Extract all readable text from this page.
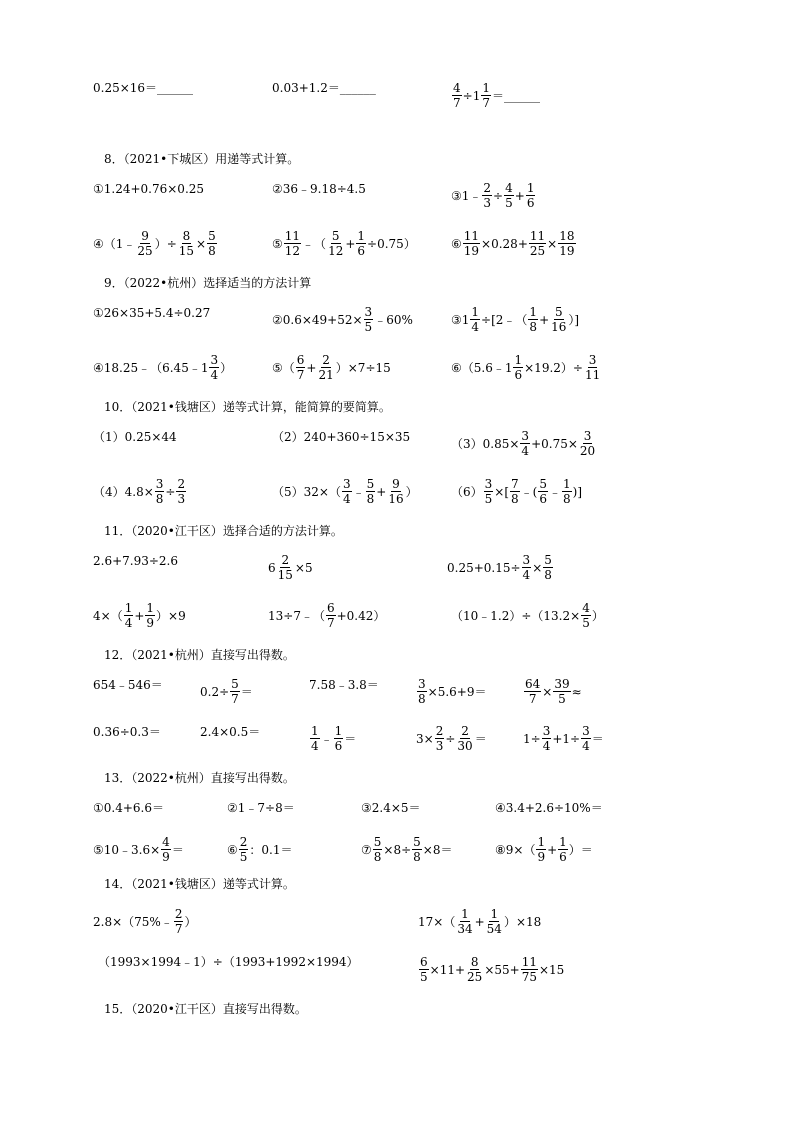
0.25×16＝______	0.03+1.2＝______	$\frac{4}{7} \div 1 \frac{1}{7}$ ＝______
8．（2021•下城区）用递等式计算。
①1.24+0.76×0.25	②36﹣9.18÷4.5	③1﹣ $\frac{2}{3} \div \frac{4}{5} + \frac{1}{6}$
④（1﹣ $\frac{9}{25}$ ）÷ $\frac{8}{15} \times \frac{5}{8}$	⑤ $\frac{11}{12}$ ﹣（ $\frac{5}{12} + \frac{1}{6} \div 0.75$）	⑥ $\frac{11}{19} \times 0.28+ \frac{11}{25} \times \frac{18}{19}$
9．（2022•杭州）选择适当的方法计算
①26×35+5.4÷0.27	②0.6×49+52× $\frac{3}{5}$ ﹣60%	③1 $\frac{1}{4}$ ÷[2﹣（ $\frac{1}{8} + \frac{5}{16}$ ）]
④18.25﹣（6.45﹣1 $\frac{3}{4}$ ）	⑤（ $\frac{6}{7} + \frac{2}{21} )\times 7\div 15$	⑥（5.6﹣1 $\frac{1}{6} \times 19.2)\div \frac{3}{11}$
10．（2021•钱塘区）递等式计算，能简算的要简算。
（1）0.25×44	（2）240+360÷15×35	$(3)0.85\times \frac{3}{4} +0.75\times \frac{3}{20}$
$(4)4.8\times \frac{3}{8} \div \frac{2}{3}$	$(5)32\times( \frac{3}{4}$ ﹣ $\frac{5}{8} + \frac{9}{16}$ ）	$(6) \frac{3}{5}$ ×[ $\frac{7}{8}$ ﹣( $\frac{5}{6}$ ﹣ $\frac{1}{8}$ )]
11．（2020•江干区）选择合适的方法计算。
2.6+7.93÷2.6	$6 \frac{2}{15} \times 5$	$0.25+0.15\div \frac{3}{4} \times \frac{5}{8}$
$4\times( \frac{1}{4} + \frac{1}{9} )\times 9$	13÷7﹣（ $\frac{6}{7} +0.42$）	（10﹣1.2）÷（13.2× $\frac{4}{5}$ ）
12．（2021•杭州）直接写出得数。
654﹣546＝	$0.2\div \frac{5}{7}$ ＝	7.58﹣3.8＝	$\frac{3}{8} \times 5.6+9=$	$\frac{64}{7} \times \frac{39}{5}$ ≈
0.36÷0.3＝	2.4×0.5＝	$\frac{1}{4}$ ﹣ $\frac{1}{6}$ ＝	$3\times \frac{2}{3} \div \frac{2}{30}$ ＝	$1\div \frac{3}{4} +1\div \frac{3}{4}$ ＝
13．（2022•杭州）直接写出得数。
①0.4+6.6＝	②1﹣7÷8＝	③2.4×5＝	④3.4+2.6÷10%＝
⑤10﹣3.6× $\frac{4}{9}$ ＝	⑥ $\frac{2}{5}$ ：0.1＝	⑦ $\frac{5}{8} \times 8\div \frac{5}{8} \times 8=$	⑧9×（ $\frac{1}{9} + \frac{1}{6}$ ）＝
14．（2021•钱塘区）递等式计算。
2.8×（75%﹣ $\frac{2}{7}$ ）	$17\times( \frac{1}{34} + \frac{1}{54} )\times 18$
（1993×1994﹣1）÷（1993+1992×1994）	$\frac{6}{5} \times 11+ \frac{8}{25} \times 55+ \frac{11}{75} \times 15$
15．（2020•江干区）直接写出得数。
